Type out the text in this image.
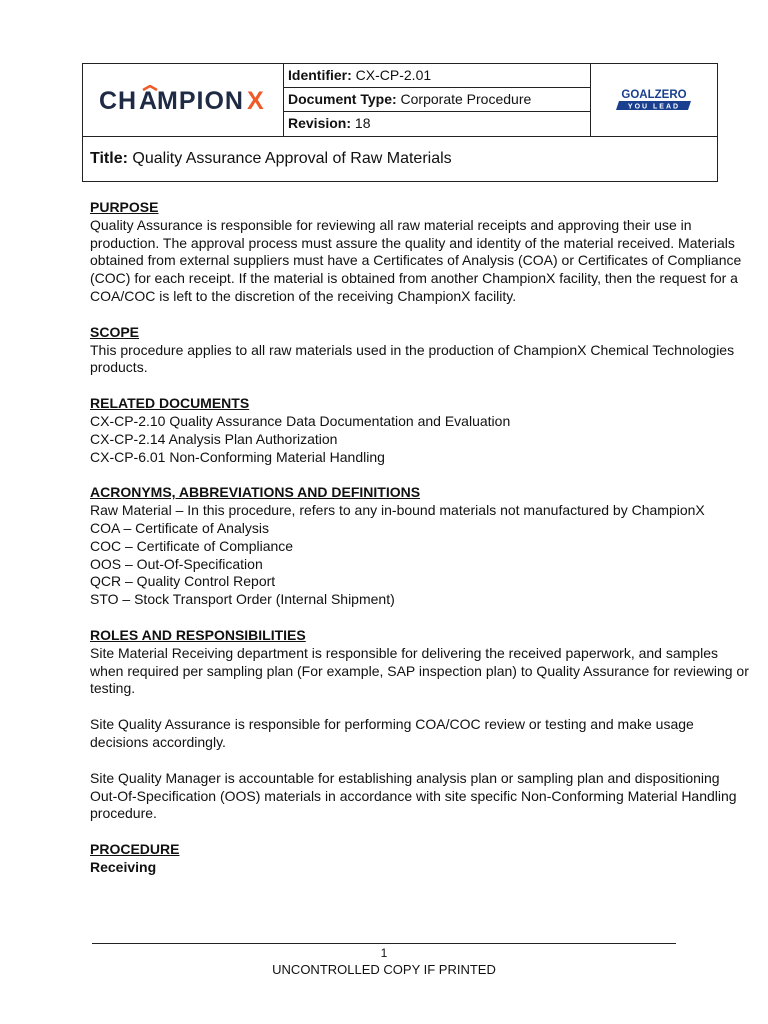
CH A MPION X
Identifier: CX-CP-2.01
Document Type: Corporate Procedure
Revision: 18
GOALZERO
YOU LEAD
Title: Quality Assurance Approval of Raw Materials

PURPOSE

Quality Assurance is responsible for reviewing all raw material receipts and approving their use in production. The approval process must assure the quality and identity of the material received. Materials obtained from external suppliers must have a Certificates of Analysis (COA) or Certificates of Compliance (COC) for each receipt. If the material is obtained from another ChampionX facility, then the request for a COA/COC is left to the discretion of the receiving ChampionX facility.

SCOPE

This procedure applies to all raw materials used in the production of ChampionX Chemical Technologies products.

RELATED DOCUMENTS

CX-CP-2.10 Quality Assurance Data Documentation and Evaluation

CX-CP-2.14 Analysis Plan Authorization

CX-CP-6.01 Non-Conforming Material Handling

ACRONYMS, ABBREVIATIONS AND DEFINITIONS

Raw Material – In this procedure, refers to any in-bound materials not manufactured by ChampionX

COA – Certificate of Analysis

COC – Certificate of Compliance

OOS – Out-Of-Specification

QCR – Quality Control Report

STO – Stock Transport Order (Internal Shipment)

ROLES AND RESPONSIBILITIES

Site Material Receiving department is responsible for delivering the received paperwork, and samples when required per sampling plan (For example, SAP inspection plan) to Quality Assurance for reviewing or testing.

Site Quality Assurance is responsible for performing COA/COC review or testing and make usage decisions accordingly.

Site Quality Manager is accountable for establishing analysis plan or sampling plan and dispositioning Out-Of-Specification (OOS) materials in accordance with site specific Non-Conforming Material Handling procedure.

PROCEDURE

Receiving

1
UNCONTROLLED COPY IF PRINTED
